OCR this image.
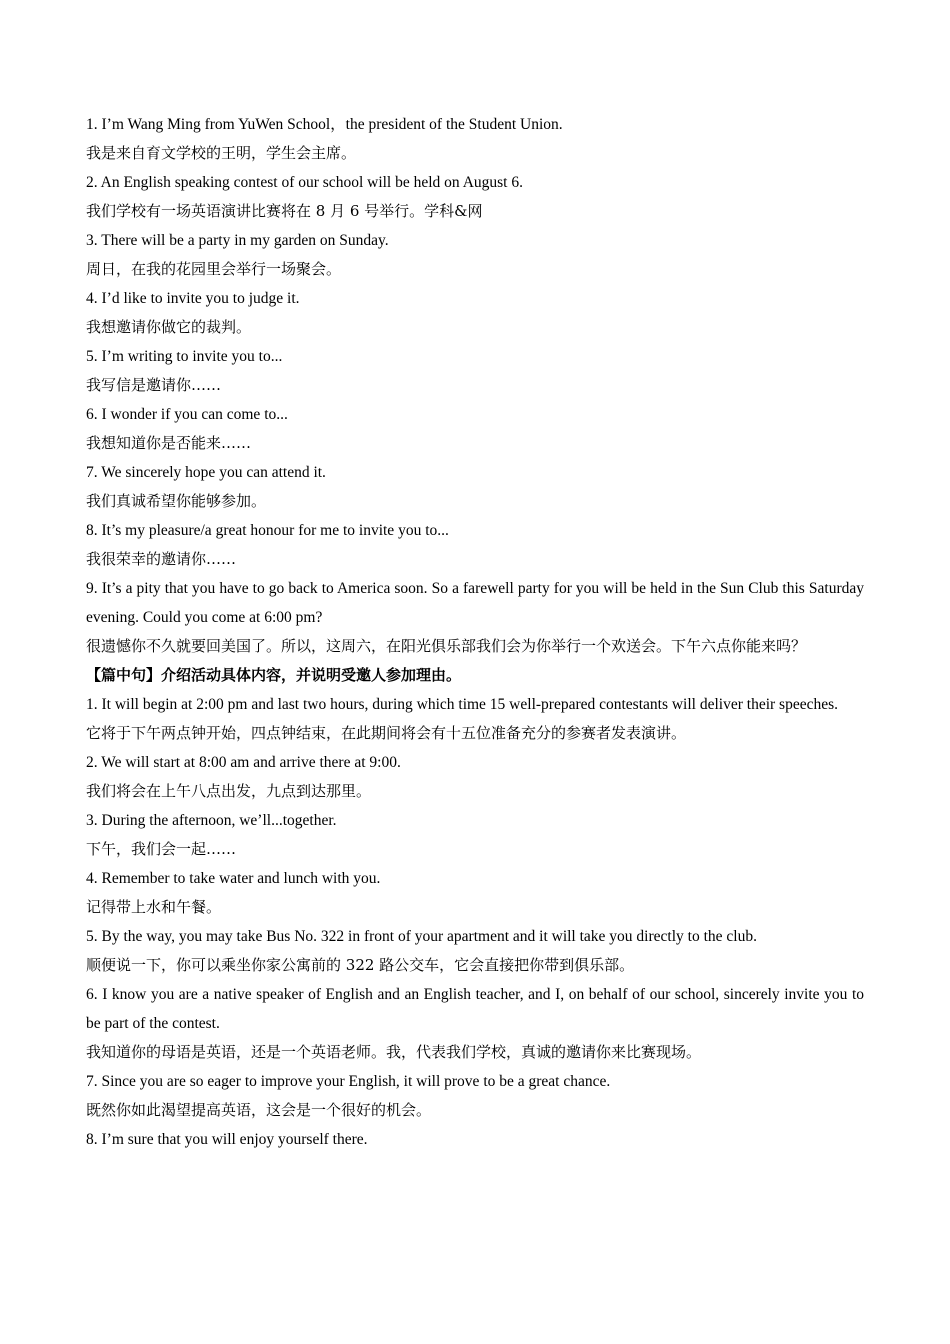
1. I’m Wang Ming from YuWen School，the president of the Student Union.

我是来自育文学校的王明，学生会主席。

2. An English speaking contest of our school will be held on August 6.

我们学校有一场英语演讲比赛将在 8 月 6 号举行。学科&网

3. There will be a party in my garden on Sunday.

周日，在我的花园里会举行一场聚会。

4. I’d like to invite you to judge it.

我想邀请你做它的裁判。

5. I’m writing to invite you to...

我写信是邀请你……

6. I wonder if you can come to...

我想知道你是否能来……

7. We sincerely hope you can attend it.

我们真诚希望你能够参加。

8. It’s my pleasure/a great honour for me to invite you to...

我很荣幸的邀请你……

9. It’s a pity that you have to go back to America soon. So a farewell party for you will be held in the Sun Club this Saturday evening. Could you come at 6:00 pm?

很遗憾你不久就要回美国了。所以，这周六，在阳光俱乐部我们会为你举行一个欢送会。下午六点你能来吗？

【篇中句】介绍活动具体内容，并说明受邀人参加理由。

1. It will begin at 2:00 pm and last two hours, during which time 15 well-prepared contestants will deliver their speeches.

它将于下午两点钟开始，四点钟结束，在此期间将会有十五位准备充分的参赛者发表演讲。

2. We will start at 8:00 am and arrive there at 9:00.

我们将会在上午八点出发，九点到达那里。

3. During the afternoon, we’ll...together.

下午，我们会一起……

4. Remember to take water and lunch with you.

记得带上水和午餐。

5. By the way, you may take Bus No. 322 in front of your apartment and it will take you directly to the club.

顺便说一下，你可以乘坐你家公寓前的 322 路公交车，它会直接把你带到俱乐部。

6. I know you are a native speaker of English and an English teacher, and I, on behalf of our school, sincerely invite you to be part of the contest.

我知道你的母语是英语，还是一个英语老师。我，代表我们学校，真诚的邀请你来比赛现场。

7. Since you are so eager to improve your English, it will prove to be a great chance.

既然你如此渴望提高英语，这会是一个很好的机会。

8. I’m sure that you will enjoy yourself there.
